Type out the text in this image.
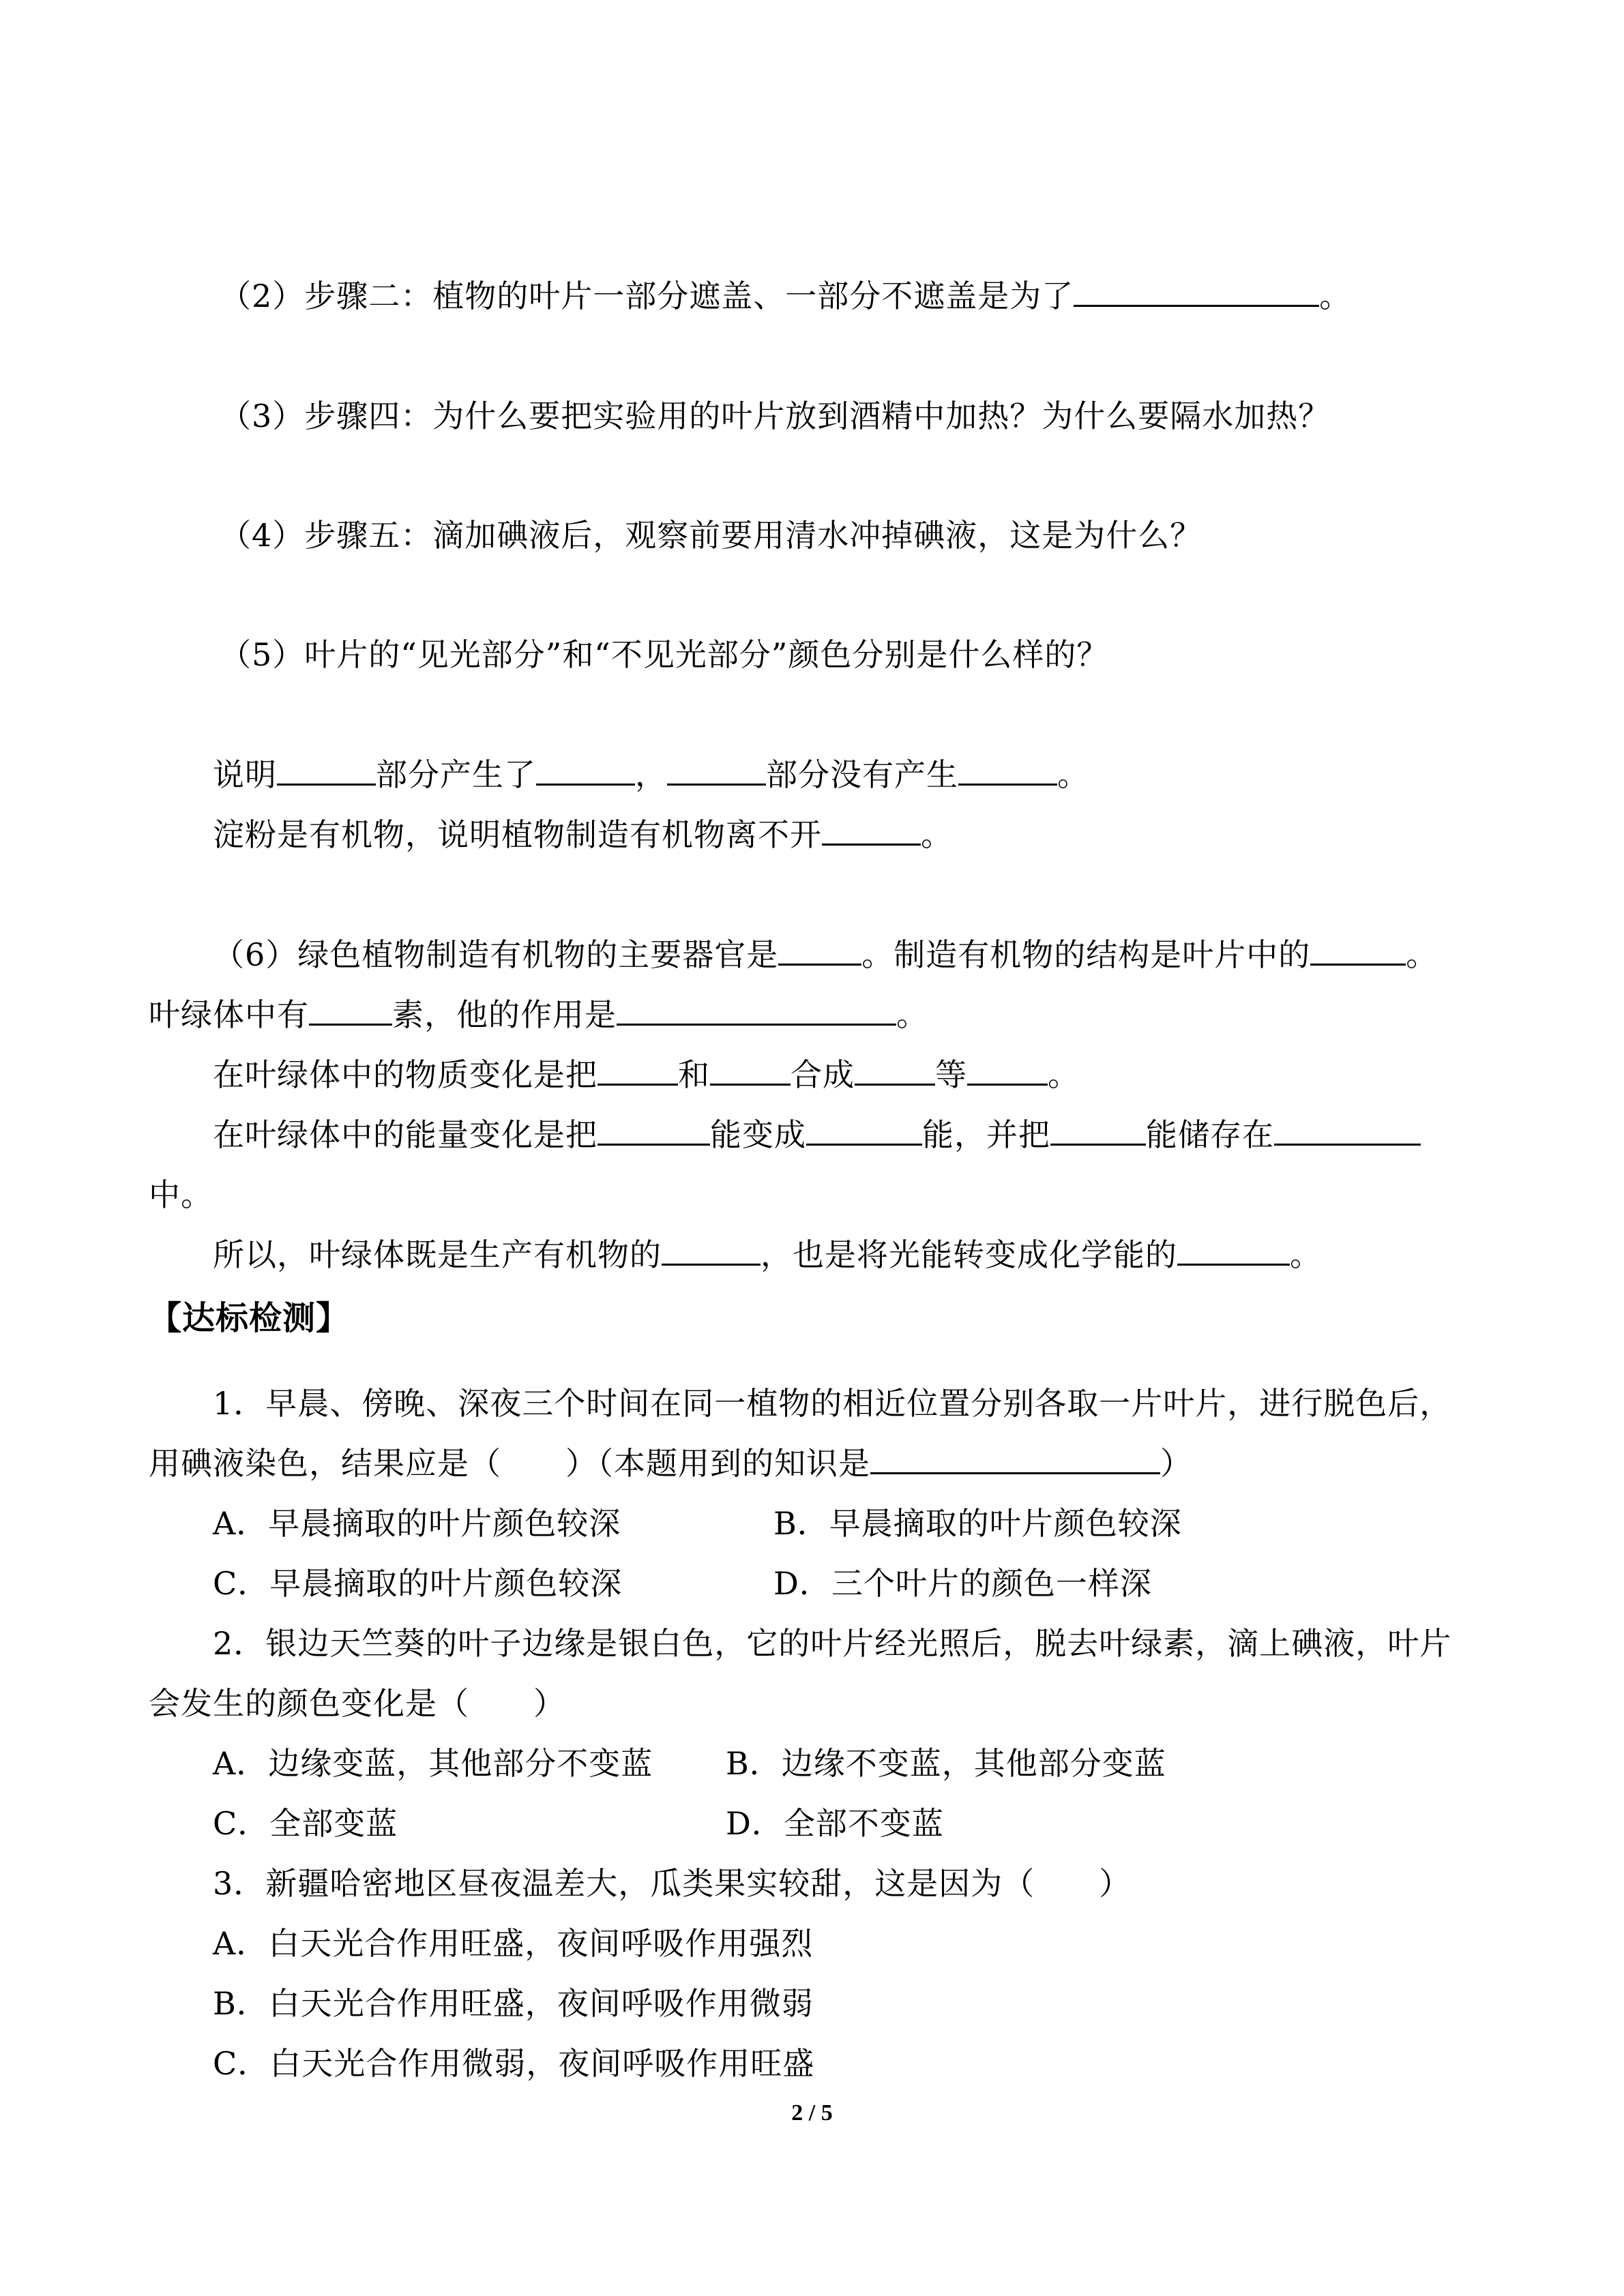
（2）步骤二：植物的叶片一部分遮盖、一部分不遮盖是为了	。
（3）步骤四：为什么要把实验用的叶片放到酒精中加热？为什么要隔水加热？
（4）步骤五：滴加碘液后，观察前要用清水冲掉碘液，这是为什么？
（5）叶片的“见光部分”和“不见光部分”颜色分别是什么样的？
说明	部分产生了	，	部分没有产生	。
淀粉是有机物，说明植物制造有机物离不开	。
（6）绿色植物制造有机物的主要器官是	。制造有机物的结构是叶片中的	。
叶绿体中有	素，他的作用是	。
在叶绿体中的物质变化是把	和	合成	等	。
在叶绿体中的能量变化是把	能变成	能，并把	能储存在
中。
所以，叶绿体既是生产有机物的	，也是将光能转变成化学能的	。
【达标检测】
1．早晨、傍晚、深夜三个时间在同一植物的相近位置分别各取一片叶片，进行脱色后，
用碘液染色，结果应是（　　）（本题用到的知识是	）
A．早晨摘取的叶片颜色较深	B．早晨摘取的叶片颜色较深
C．早晨摘取的叶片颜色较深	D．三个叶片的颜色一样深
2．银边天竺葵的叶子边缘是银白色，它的叶片经光照后，脱去叶绿素，滴上碘液，叶片
会发生的颜色变化是（　　）
A．边缘变蓝，其他部分不变蓝 B．边缘不变蓝，其他部分变蓝
C．全部变蓝	D．全部不变蓝
3．新疆哈密地区昼夜温差大，瓜类果实较甜，这是因为（　　）
A．白天光合作用旺盛，夜间呼吸作用强烈
B．白天光合作用旺盛，夜间呼吸作用微弱
C．白天光合作用微弱，夜间呼吸作用旺盛
2 / 5
